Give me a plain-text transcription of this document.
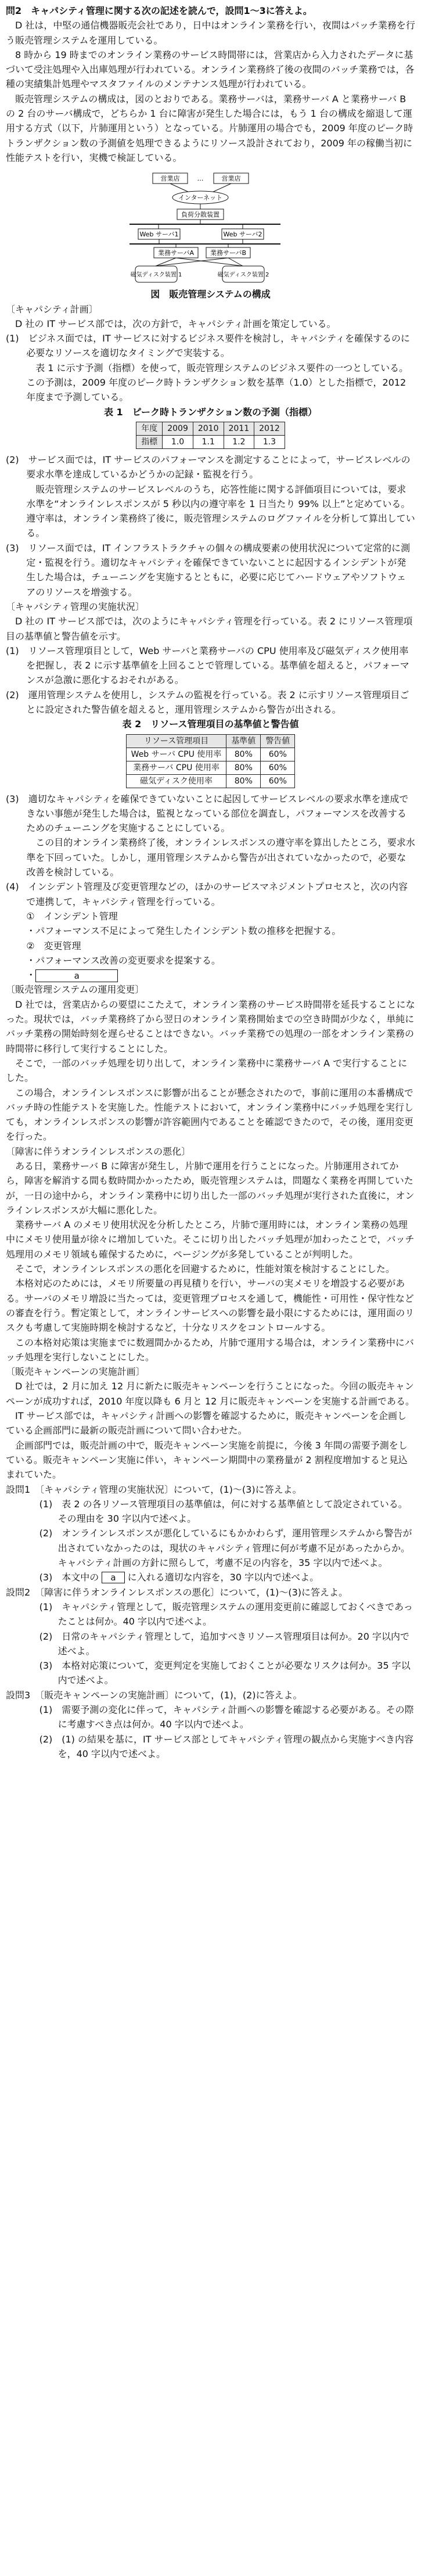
問2　キャパシティ管理に関する次の記述を読んで，設問1～3に答えよ。

D 社は，中堅の通信機器販売会社であり，日中はオンライン業務を行い，夜間はバッチ業務を行う販売管理システムを運用している。

8 時から 19 時までのオンライン業務のサービス時間帯には，営業店から入力されたデータに基づいて受注処理や入出庫処理が行われている。オンライン業務終了後の夜間のバッチ業務では，各種の実績集計処理やマスタファイルのメンテナンス処理が行われている。

販売管理システムの構成は，図のとおりである。業務サーバは，業務サーバ A と業務サーバ B の 2 台のサーバ構成で，どちらか 1 台に障害が発生した場合には，もう 1 台の構成を縮退して運用する方式（以下，片肺運用という）となっている。片肺運用の場合でも，2009 年度のピーク時トランザクション数の予測値を処理できるようにリソース設計されており，2009 年の稼働当初に性能テストを行い，実機で検証している。

営業店	…	営業店
インターネット
負荷分散装置
Web サーバ1	Web サーバ2
業務サーバA	業務サーバB
磁気ディスク装置 1	磁気ディスク装置 2

図　販売管理システムの構成

〔キャパシティ計画〕

D 社の IT サービス部では，次の方針で，キャパシティ計画を策定している。

(1)　ビジネス面では，IT サービスに対するビジネス要件を検討し，キャパシティを確保するのに必要なリソースを適切なタイミングで実装する。

表 1 に示す予測（指標）を使って，販売管理システムのビジネス要件の一つとしている。この予測は，2009 年度のピーク時トランザクション数を基準（1.0）とした指標で，2012 年度まで予測している。

表 1　ピーク時トランザクション数の予測（指標）

年度	2009	2010	2011	2012
指標	1.0	1.1	1.2	1.3

(2)　サービス面では，IT サービスのパフォーマンスを測定することによって，サービスレベルの要求水準を達成しているかどうかの記録・監視を行う。

販売管理システムのサービスレベルのうち，応答性能に関する評価項目については，要求水準を“オンラインレスポンスが 5 秒以内の遵守率を 1 日当たり 99% 以上”と定めている。遵守率は，オンライン業務終了後に，販売管理システムのログファイルを分析して算出している。

(3)　リソース面では，IT インフラストラクチャの個々の構成要素の使用状況について定常的に測定・監視を行う。適切なキャパシティを確保できていないことに起因するインシデントが発生した場合は，チューニングを実施するとともに，必要に応じてハードウェアやソフトウェアのリソースを増強する。

〔キャパシティ管理の実施状況〕

D 社の IT サービス部では，次のようにキャパシティ管理を行っている。表 2 にリソース管理項目の基準値と警告値を示す。

(1)　リソース管理項目として，Web サーバと業務サーバの CPU 使用率及び磁気ディスク使用率を把握し，表 2 に示す基準値を上回ることで管理している。基準値を超えると，パフォーマンスが急激に悪化するおそれがある。

(2)　運用管理システムを使用し，システムの監視を行っている。表 2 に示すリソース管理項目ごとに設定された警告値を超えると，運用管理システムから警告が出される。

表 2　リソース管理項目の基準値と警告値

リソース管理項目	基準値	警告値
Web サーバ CPU 使用率	80%	60%
業務サーバ CPU 使用率	80%	60%
磁気ディスク使用率	80%	60%

(3)　適切なキャパシティを確保できていないことに起因してサービスレベルの要求水準を達成できない事態が発生した場合は，監視となっている部位を調査し，パフォーマンスを改善するためのチューニングを実施することにしている。

この目的オンライン業務終了後，オンラインレスポンスの遵守率を算出したところ，要求水準を下回っていた。しかし，運用管理システムから警告が出されていなかったので，必要な改善を検討している。

(4)　インシデント管理及び変更管理などの，ほかのサービスマネジメントプロセスと，次の内容で連携して，キャパシティ管理を行っている。

①　インシデント管理

・パフォーマンス不足によって発生したインシデント数の推移を把握する。

②　変更管理

・パフォーマンス改善の変更要求を提案する。

・	a

〔販売管理システムの運用変更〕

D 社では，営業店からの要望にこたえて，オンライン業務のサービス時間帯を延長することになった。現状では，バッチ業務終了から翌日のオンライン業務開始までの空き時間が少なく，単純にバッチ業務の開始時刻を遅らせることはできない。バッチ業務での処理の一部をオンライン業務の時間帯に移行して実行することにした。

そこで，一部のバッチ処理を切り出して，オンライン業務中に業務サーバ A で実行することにした。

この場合，オンラインレスポンスに影響が出ることが懸念されたので，事前に運用の本番構成でバッチ時の性能テストを実施した。性能テストにおいて，オンライン業務中にバッチ処理を実行しても，オンラインレスポンスの影響が許容範囲内であることを確認できたので，その後，運用変更を行った。

〔障害に伴うオンラインレスポンスの悪化〕

ある日，業務サーバ B に障害が発生し，片肺で運用を行うことになった。片肺運用されてから，障害を解消する間も数時間かかったため，販売管理システムは，問題なく業務を再開していたが，一日の途中から，オンライン業務中に切り出した一部のバッチ処理が実行された直後に，オンラインレスポンスが大幅に悪化した。

業務サーバ A のメモリ使用状況を分析したところ，片肺で運用時には，オンライン業務の処理中にメモリ使用量が徐々に増加していた。そこに切り出したバッチ処理が加わったことで，バッチ処理用のメモリ領域も確保するために，ページングが多発していることが判明した。

そこで，オンラインレスポンスの悪化を回避するために，性能対策を検討することにした。

本格対応のためには，メモリ所要量の再見積りを行い，サーバの実メモリを増設する必要がある。サーバのメモリ増設に当たっては，変更管理プロセスを通して，機能性・可用性・保守性などの審査を行う。暫定策として，オンラインサービスへの影響を最小限にするためには，運用面のリスクも考慮して実施時期を検討するなど，十分なリスクをコントロールする。

この本格対応策は実施までに数週間かかるため，片肺で運用する場合は，オンライン業務中にバッチ処理を実行しないことにした。

〔販売キャンペーンの実施計画〕

D 社では，2 月に加え 12 月に新たに販売キャンペーンを行うことになった。今回の販売キャンペーンが成功すれば，2010 年度以降も 6 月と 12 月に販売キャンペーンを実施する計画である。

IT サービス部では，キャパシティ計画への影響を確認するために，販売キャンペーンを企画している企画部門に最新の販売計画について問い合わせた。

企画部門では，販売計画の中で，販売キャンペーン実施を前提に，今後 3 年間の需要予測をしている。販売キャンペーン実施に伴い，キャンペーン期間中の業務量が 2 割程度増加すると見込まれていた。

設問1　〔キャパシティ管理の実施状況〕について，(1)～(3)に答えよ。

(1)　表 2 の各リソース管理項目の基準値は，何に対する基準値として設定されている。その理由を 30 字以内で述べよ。

(2)　オンラインレスポンスが悪化しているにもかかわらず，運用管理システムから警告が出されていなかったのは，現状のキャパシティ管理に何が考慮不足があったからか。キャパシティ計画の方針に照らして，考慮不足の内容を，35 字以内で述べよ。

(3)　本文中の a に入れる適切な内容を，30 字以内で述べよ。

設問2　〔障害に伴うオンラインレスポンスの悪化〕について，(1)～(3)に答えよ。

(1)　キャパシティ管理として，販売管理システムの運用変更前に確認しておくべきであったことは何か。40 字以内で述べよ。

(2)　日常のキャパシティ管理として，追加すべきリソース管理項目は何か。20 字以内で述べよ。

(3)　本格対応策について，変更判定を実施しておくことが必要なリスクは何か。35 字以内で述べよ。

設問3　〔販売キャンペーンの実施計画〕について，(1)，(2)に答えよ。

(1)　需要予測の変化に伴って，キャパシティ計画への影響を確認する必要がある。その際に考慮すべき点は何か。40 字以内で述べよ。

(2)　(1) の結果を基に，IT サービス部としてキャパシティ管理の観点から実施すべき内容を，40 字以内で述べよ。
